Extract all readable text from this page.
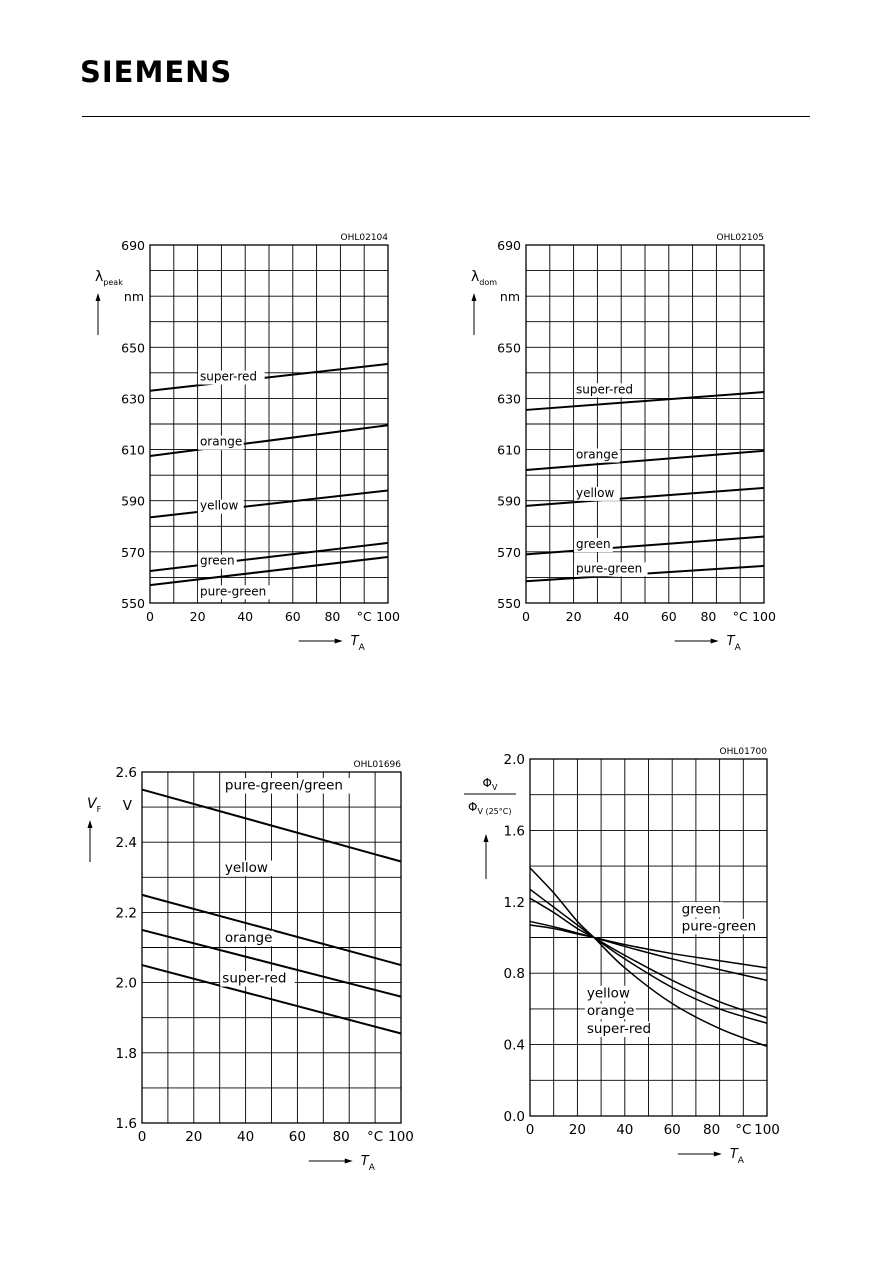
SIEMENS
OHL02104
550
570
590
610
630
650
690
0	20	40	60 80	100
°C
$T_A$
$\lambda_{peak}$
nm
super-red
orange
yellow
green
pure-green
OHL02105
550
570
590
610
630
650
690
0	20	40	60 80	100
°C
$T_A$
$\lambda_{dom}$
nm
super-red
orange
yellow
green
pure-green
OHL01696
1.6
1.8
2.0
2.2
2.4
2.6
0	20	40	60 80	100
°C
$T_A$
$V_F$ V
pure-green/green
yellow
orange
super-red
OHL01700
0.0
0.4
0.8
1.2
1.6
2.0
0	20 40 60 80	100
°C
$T_A$
$\Phi_V$
$\Phi_{V (25^\circ C)}$
green
pure-green
yellow
orange
super-red
